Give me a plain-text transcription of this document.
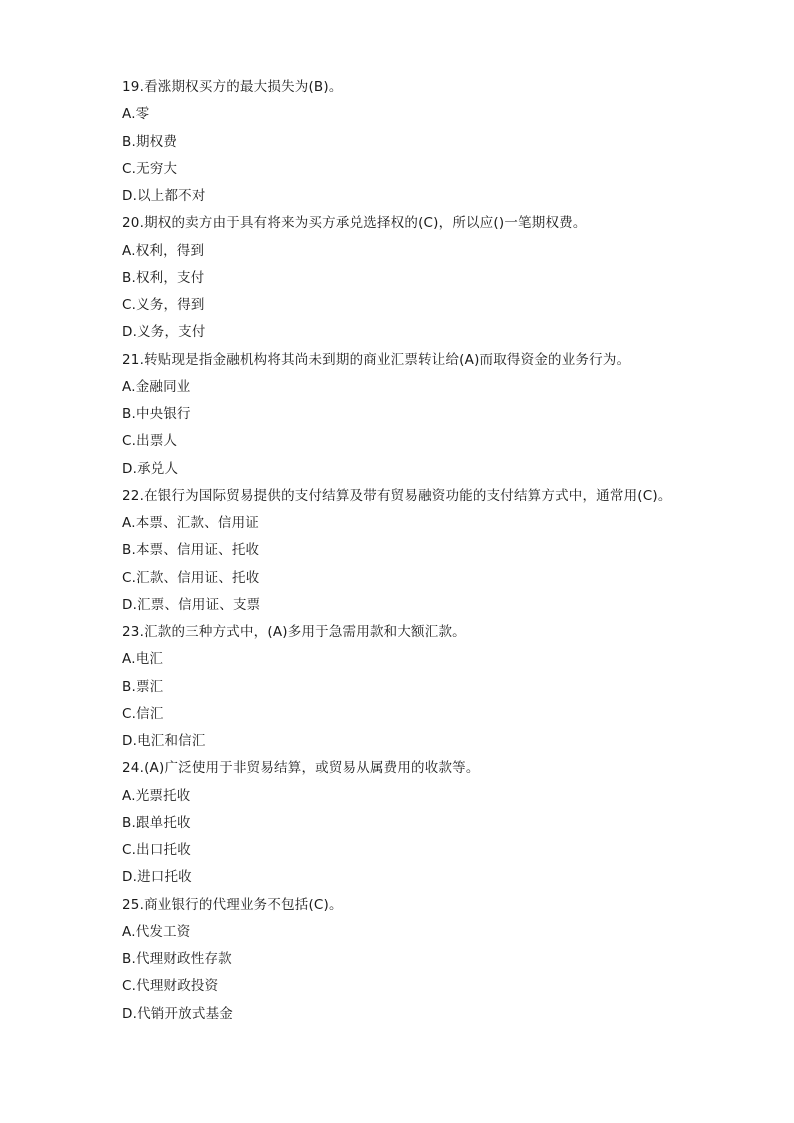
19.看涨期权买方的最大损失为(B)。
A.零
B.期权费
C.无穷大
D.以上都不对
20.期权的卖方由于具有将来为买方承兑选择权的(C)，所以应()一笔期权费。
A.权利，得到
B.权利，支付
C.义务，得到
D.义务，支付
21.转贴现是指金融机构将其尚未到期的商业汇票转让给(A)而取得资金的业务行为。
A.金融同业
B.中央银行
C.出票人
D.承兑人
22.在银行为国际贸易提供的支付结算及带有贸易融资功能的支付结算方式中，通常用(C)。
A.本票、汇款、信用证
B.本票、信用证、托收
C.汇款、信用证、托收
D.汇票、信用证、支票
23.汇款的三种方式中，(A)多用于急需用款和大额汇款。
A.电汇
B.票汇
C.信汇
D.电汇和信汇
24.(A)广泛使用于非贸易结算，或贸易从属费用的收款等。
A.光票托收
B.跟单托收
C.出口托收
D.进口托收
25.商业银行的代理业务不包括(C)。
A.代发工资
B.代理财政性存款
C.代理财政投资
D.代销开放式基金
